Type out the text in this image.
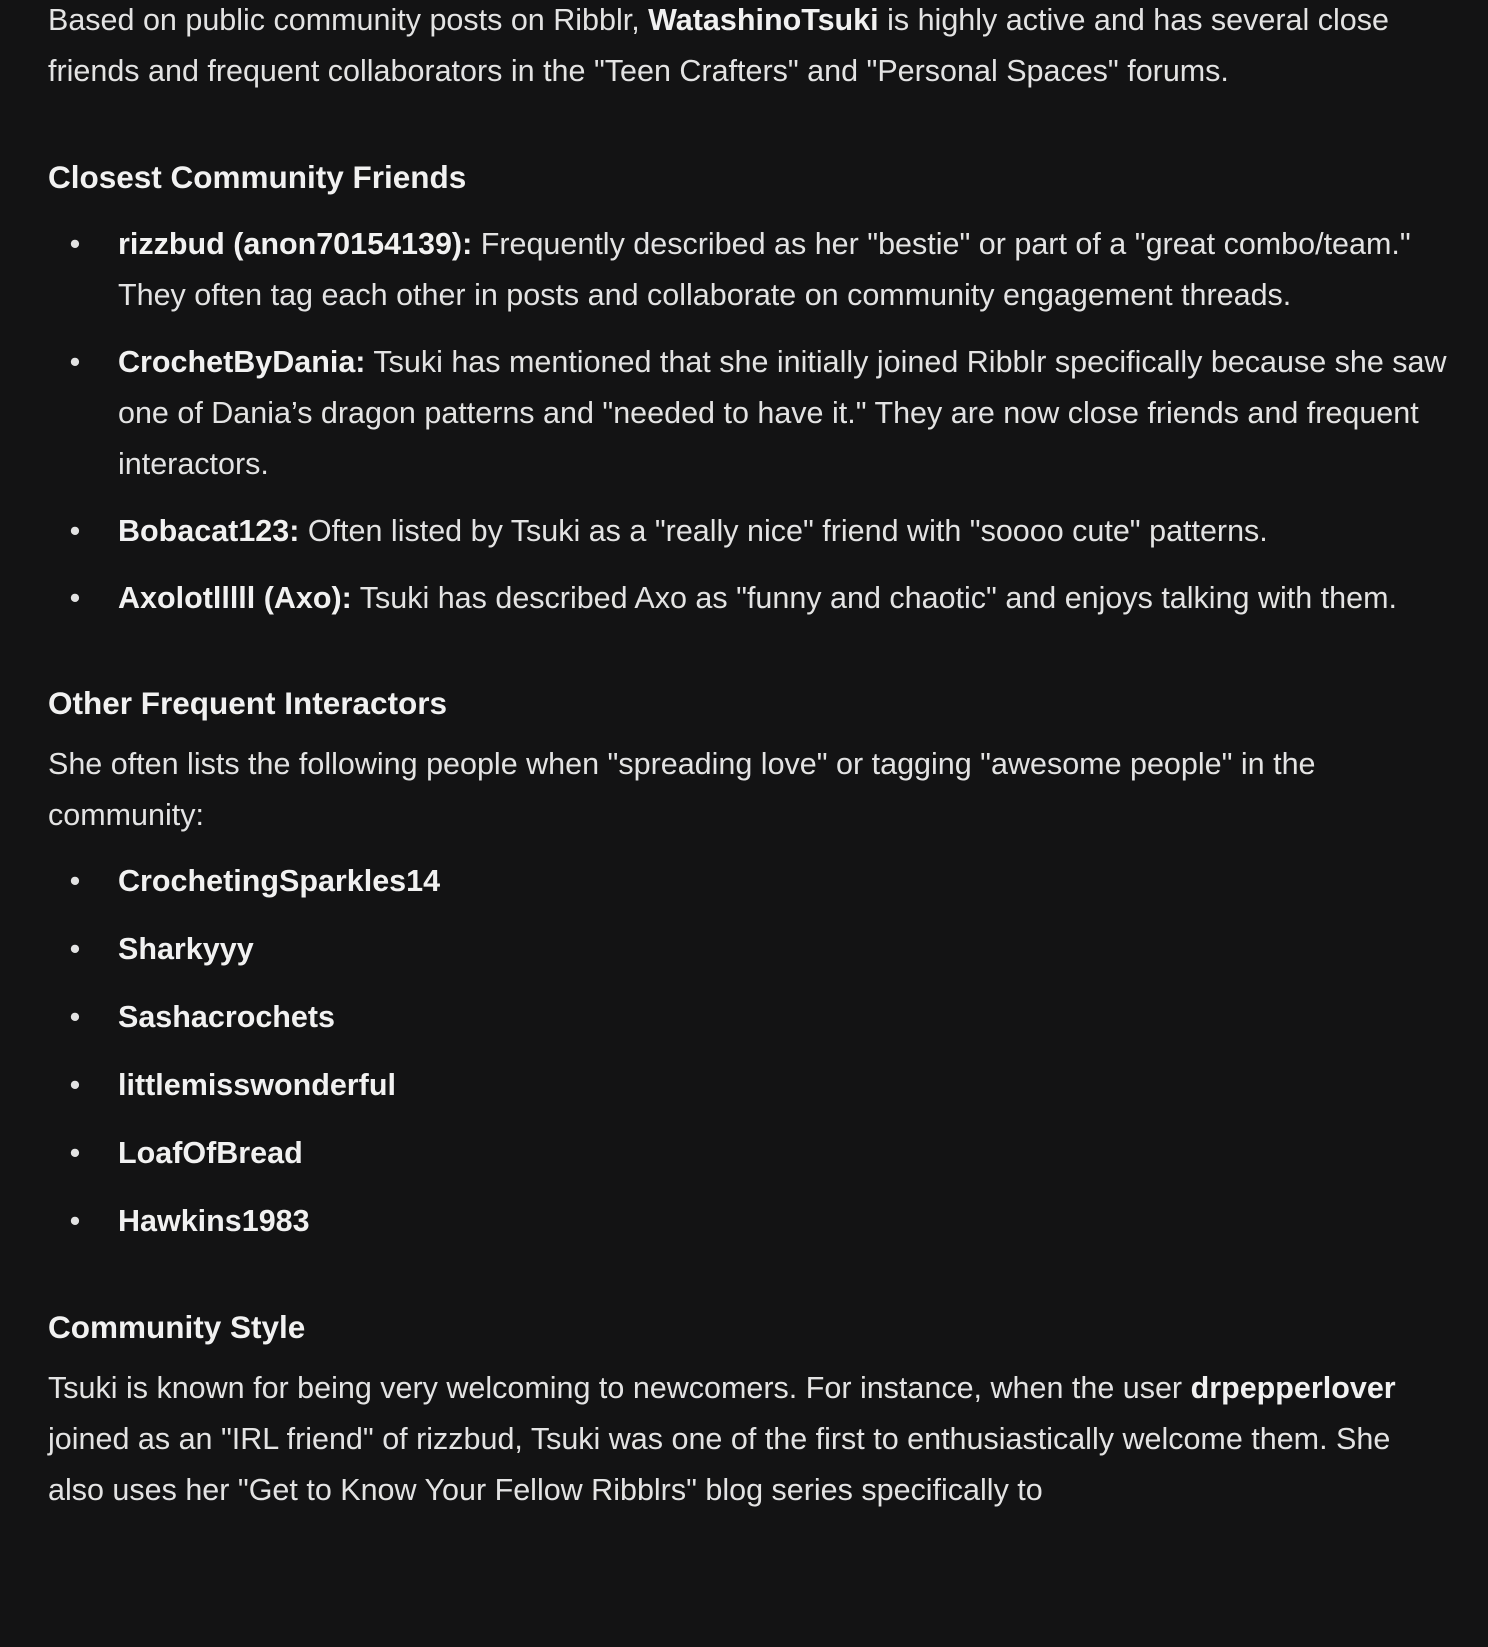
Based on public community posts on Ribblr, WatashinoTsuki is highly active and has several close friends and frequent collaborators in the "Teen Crafters" and "Personal Spaces" forums.

Closest Community Friends
• rizzbud (anon70154139): Frequently described as her "bestie" or part of a "great combo/team." They often tag each other in posts and collaborate on community engagement threads.
• CrochetByDania: Tsuki has mentioned that she initially joined Ribblr specifically because she saw one of Dania’s dragon patterns and "needed to have it." They are now close friends and frequent interactors.
• Bobacat123: Often listed by Tsuki as a "really nice" friend with "soooo cute" patterns.
• Axolotlllll (Axo): Tsuki has described Axo as "funny and chaotic" and enjoys talking with them.
Other Frequent Interactors

She often lists the following people when "spreading love" or tagging "awesome people" in the community:

• CrochetingSparkles14
• Sharkyyy
• Sashacrochets
• littlemisswonderful
• LoafOfBread
• Hawkins1983
Community Style

Tsuki is known for being very welcoming to newcomers. For instance, when the user drpepperlover joined as an "IRL friend" of rizzbud, Tsuki was one of the first to enthusiastically welcome them. She also uses her "Get to Know Your Fellow Ribblrs" blog series specifically to
